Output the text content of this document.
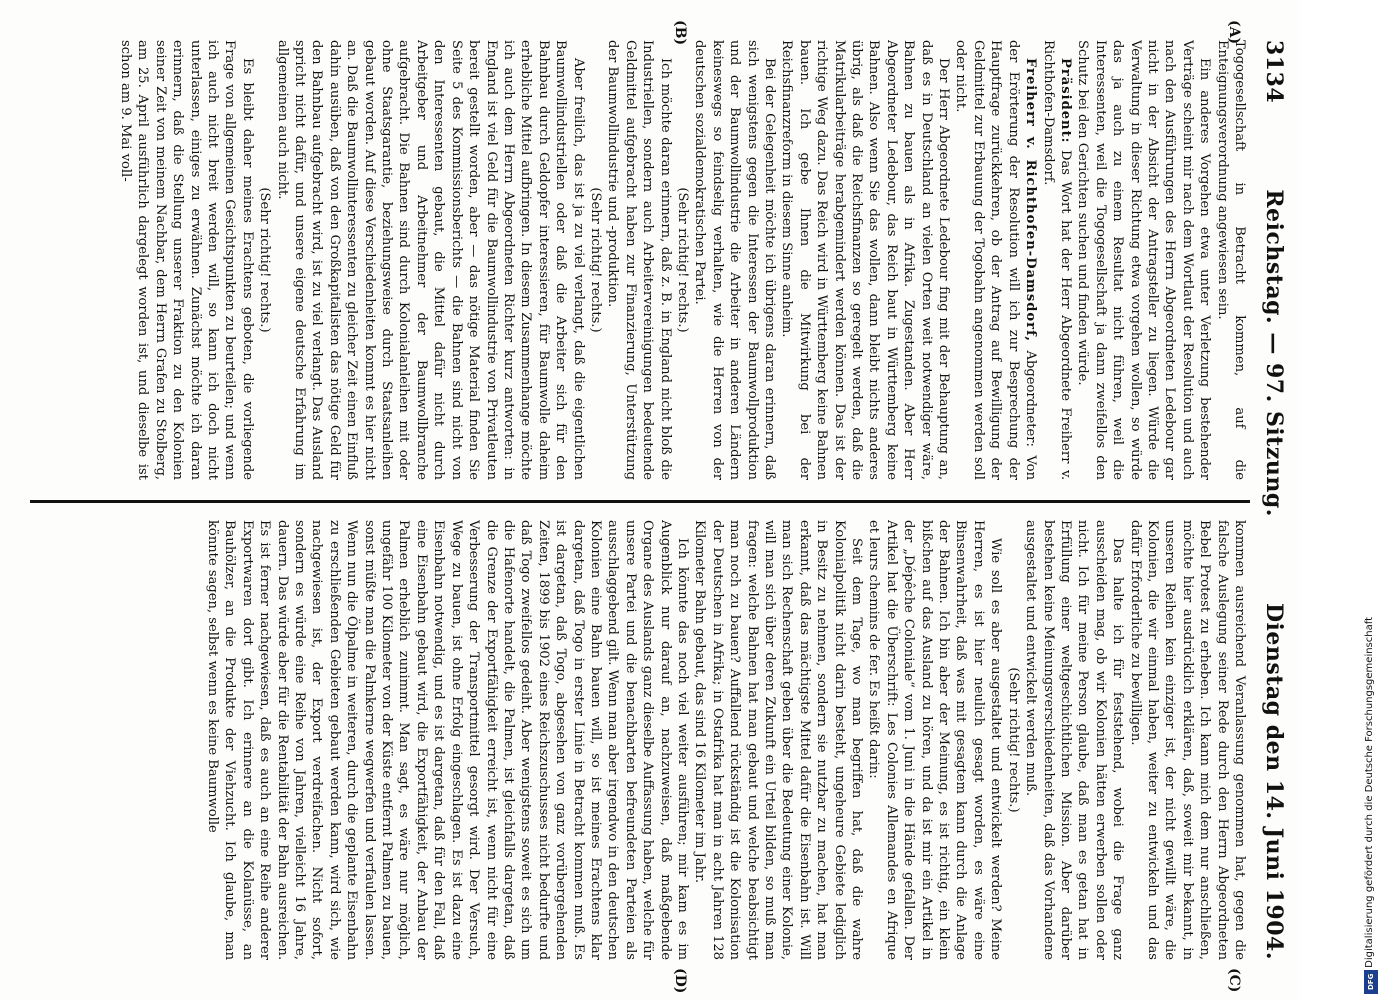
3134
Reichstag. — 97. Sitzung.
Dienstag den 14. Juni 1904.
(A)
(B)
(C)
(D)

Togogesellschaft in Betracht kommen, auf die Enteignungsverordnung angewiesen sein.

Ein anderes Vorgehen etwa unter Verletzung bestehender Verträge scheint mir nach dem Wortlaut der Resolution und auch nach den Ausführungen des Herrn Abgeordneten Ledebour gar nicht in der Absicht der Antragsteller zu liegen. Würde die Verwaltung in dieser Richtung etwa vorgehen wollen, so würde das ja auch zu einem Resultat nicht führen, weil die Interessenten, weil die Togogesellschaft ja dann zweifellos den Schutz bei den Gerichten suchen und finden würde.

Präsident: Das Wort hat der Herr Abgeordnete Freiherr v. Richthofen-Damsdorf.

Freiherr v. Richthofen-Damsdorf, Abgeordneter: Von der Erörterung der Resolution will ich zur Besprechung der Hauptfrage zurückkehren, ob der Antrag auf Bewilligung der Geldmittel zur Erbauung der Togobahn angenommen werden soll oder nicht.

Der Herr Abgeordnete Ledebour fing mit der Behauptung an, daß es in Deutschland an vielen Orten weit notwendiger wäre, Bahnen zu bauen als in Afrika. Zugestanden. Aber Herr Abgeordneter Ledebour, das Reich baut in Württemberg keine Bahnen. Also wenn Sie das wollen, dann bleibt nichts anderes übrig, als daß die Reichsfinanzen so geregelt werden, daß die Matrikularbeiträge herabgemindert werden können. Das ist der richtige Weg dazu. Das Reich wird in Württemberg keine Bahnen bauen. Ich gebe Ihnen die Mitwirkung bei der Reichsfinanzreform in diesem Sinne anheim.

Bei der Gelegenheit möchte ich übrigens daran erinnern, daß sich wenigstens gegen die Interessen der Baumwollproduktion und der Baumwollindustrie die Arbeiter in anderen Ländern keineswegs so feindselig verhalten, wie die Herren von der deutschen sozialdemokratischen Partei.

(Sehr richtig! rechts.)

Ich möchte daran erinnern, daß z. B. in England nicht bloß die Industriellen, sondern auch Arbeitervereinigungen bedeutende Geldmittel aufgebracht haben zur Finanzierung, Unterstützung der Baumwollindustrie und -produktion.

(Sehr richtig! rechts.)

Aber freilich, das ist ja zu viel verlangt, daß die eigentlichen Baumwollindustriellen oder daß die Arbeiter sich für den Bahnbau durch Geldopfer interessieren, für Baumwolle daheim erhebliche Mittel aufbringen. In diesem Zusammenhange möchte ich auch dem Herrn Abgeordneten Richter kurz antworten: in England ist viel Geld für die Baumwollindustrie von Privatleuten bereit gestellt worden, aber — das nötige Material finden Sie Seite 5 des Kommissionsberichts — die Bahnen sind nicht von den Interessenten gebaut, die Mittel dafür nicht durch Arbeitgeber und Arbeitnehmer der Baumwollbranche aufgebracht. Die Bahnen sind durch Kolonialanleihen mit oder ohne Staatsgarantie, beziehungsweise durch Staatsanleihen gebaut worden. Auf diese Verschiedenheiten kommt es hier nicht an. Daß die Baumwollinteressenten zu gleicher Zeit einen Einfluß dahin ausüben, daß von den Großkapitalisten das nötige Geld für den Bahnbau aufgebracht wird, ist zu viel verlangt. Das Ausland spricht nicht dafür, und unsere eigene deutsche Erfahrung im allgemeinen auch nicht.

(Sehr richtig! rechts.)

Es bleibt daher meines Erachtens geboten, die vorliegende Frage von allgemeinen Gesichtspunkten zu beurteilen; und wenn ich auch nicht breit werden will, so kann ich doch nicht unterlassen, einiges zu erwähnen. Zunächst möchte ich daran erinnern, daß die Stellung unserer Fraktion zu den Kolonien seiner Zeit von meinem Nachbar, dem Herrn Grafen zu Stolberg, am 25. April ausführlich dargelegt worden ist, und dieselbe ist schon am 9. Mai voll-

kommen ausreichend Veranlassung genommen hat, gegen die falsche Auslegung seiner Rede durch den Herrn Abgeordneten Bebel Protest zu erheben. Ich kann mich dem nur anschließen, möchte hier ausdrücklich erklären, daß, soweit mir bekannt, in unseren Reihen kein einziger ist, der nicht gewillt wäre, die Kolonien, die wir einmal haben, weiter zu entwickeln und das dafür Erforderliche zu bewilligen.

Das halte ich für feststehend, wobei die Frage ganz ausscheiden mag, ob wir Kolonien hätten erwerben sollen oder nicht. Ich für meine Person glaube, daß man es getan hat in Erfüllung einer weltgeschichtlichen Mission. Aber darüber bestehen keine Meinungsverschiedenheiten, daß das Vorhandene ausgestaltet und entwickelt werden muß.

(Sehr richtig! rechts.)

Wie soll es aber ausgestaltet und entwickelt werden? Meine Herren, es ist hier neulich gesagt worden, es wäre eine Binsenwahrheit, daß was mit gesagtem kann durch die Anlage der Bahnen. Ich bin aber der Meinung, es ist richtig, ein klein bißchen auf das Ausland zu hören, und da ist mir ein Artikel in der „Dépêche Coloniale“ vom 1. Juni in die Hände gefallen. Der Artikel hat die Überschrift: Les Colonies Allemandes en Afrique et leurs chemins de fer. Es heißt darin:

Seit dem Tage, wo man begriffen hat, daß die wahre Kolonialpolitik nicht darin besteht, ungeheure Gebiete lediglich in Besitz zu nehmen, sondern sie nutzbar zu machen, hat man erkannt, daß das mächtigste Mittel dafür die Eisenbahn ist. Will man sich Rechenschaft geben über die Bedeutung einer Kolonie, will man sich über deren Zukunft ein Urteil bilden, so muß man fragen: welche Bahnen hat man gebaut und welche beabsichtigt man noch zu bauen? Auffallend rückständig ist die Kolonisation der Deutschen in Afrika; in Ostafrika hat man in acht Jahren 128 Kilometer Bahn gebaut, das sind 16 Kilometer im Jahr.

Ich könnte das noch viel weiter ausführen; mir kam es im Augenblick nur darauf an, nachzuweisen, daß maßgebende Organe des Auslands ganz dieselbe Auffassung haben, welche für unsere Partei und die benachbarten befreundeten Parteien als ausschlaggebend gilt. Wenn man aber irgendwo in den deutschen Kolonien eine Bahn bauen will, so ist meines Erachtens klar dargetan, daß Togo in erster Linie in Betracht kommen muß. Es ist dargetan, daß Togo, abgesehen von ganz vorübergehenden Zeiten, 1899 bis 1902 eines Reichszuschusses nicht bedurfte und daß Togo zweifellos gedeiht. Aber wenigstens soweit es sich um die Hafenorte handelt, die Palmen, ist gleichfalls dargetan, daß die Grenze der Exportfähigkeit erreicht ist, wenn nicht für eine Verbesserung der Transportmittel gesorgt wird. Der Versuch, Wege zu bauen, ist ohne Erfolg eingeschlagen. Es ist dazu eine Eisenbahn notwendig, und es ist dargetan, daß für den Fall, daß eine Eisenbahn gebaut wird, die Exportfähigkeit, der Anbau der Palmen erheblich zunimmt. Man sagt, es wäre nur möglich, ungefähr 100 Kilometer von der Küste entfernt Palmen zu bauen, sonst müßte man die Palmkerne wegwerfen und verfaulen lassen. Wenn nun die Ölpalme in weiteren, durch die geplante Eisenbahn zu erschließenden Gebieten gebaut werden kann, wird sich, wie nachgewiesen ist, der Export verdreifachen. Nicht sofort, sondern es würde eine Reihe von Jahren, vielleicht 16 Jahre, dauern. Das würde aber für die Rentabilität der Bahn ausreichen. Es ist ferner nachgewiesen, daß es auch an eine Reihe anderer Exportwaren dort gibt. Ich erinnere an die Kolanüsse, an Bauhölzer, an die Produkte der Viehzucht. Ich glaube, man könnte sagen, selbst wenn es keine Baumwolle	Digitalisierung gefördert durch die Deutsche Forschungsgemeinschaft
DFG
